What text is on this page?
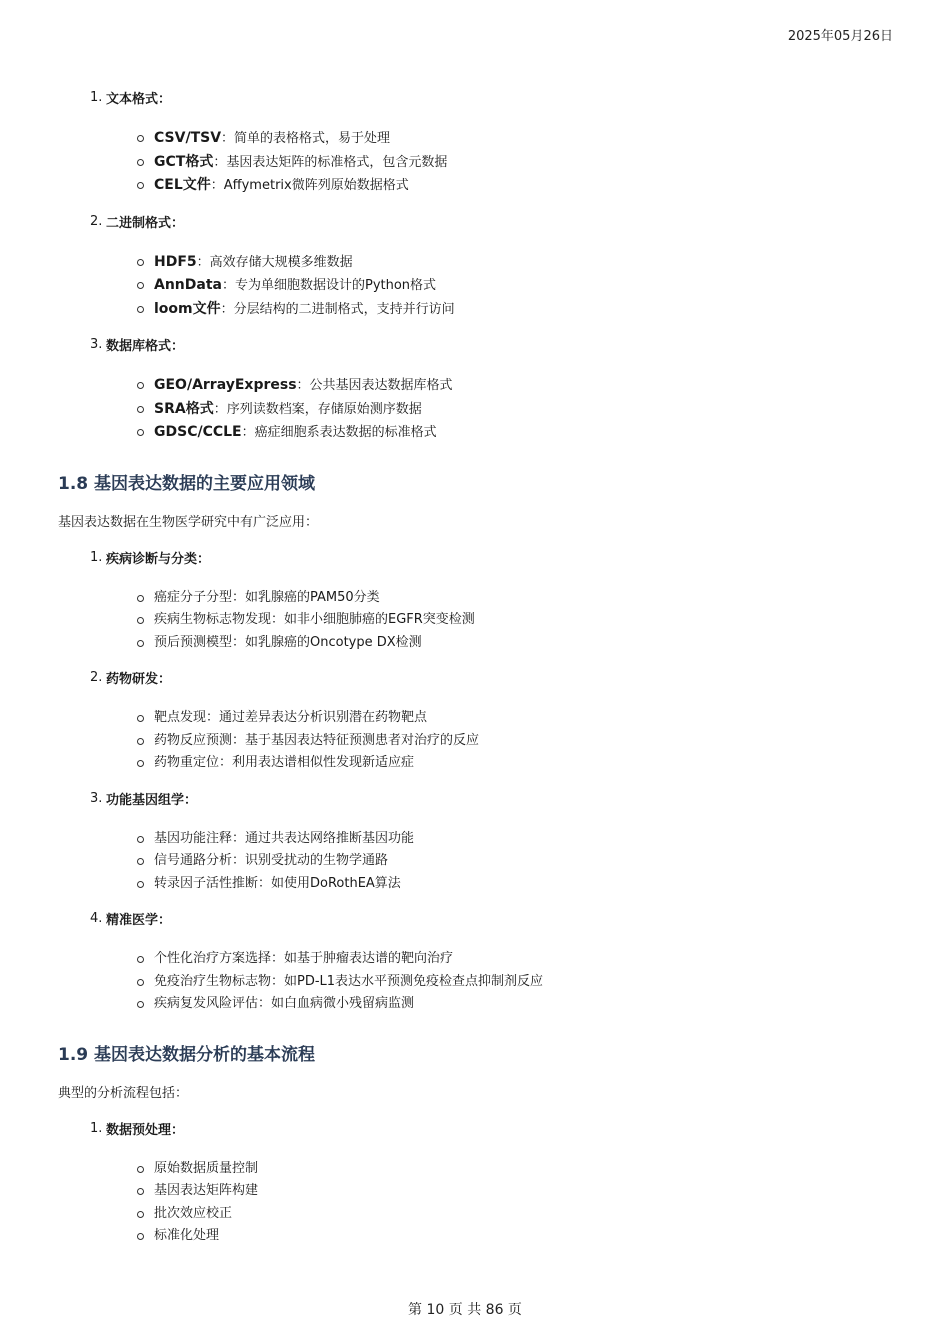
2025年05月26日
1. 文本格式：
CSV/TSV：简单的表格格式，易于处理
GCT格式：基因表达矩阵的标准格式，包含元数据
CEL文件：Affymetrix微阵列原始数据格式
2. 二进制格式：
HDF5：高效存储大规模多维数据
AnnData：专为单细胞数据设计的Python格式
loom文件：分层结构的二进制格式，支持并行访问
3. 数据库格式：
GEO/ArrayExpress：公共基因表达数据库格式
SRA格式：序列读数档案，存储原始测序数据
GDSC/CCLE：癌症细胞系表达数据的标准格式
1.8 基因表达数据的主要应用领域

基因表达数据在生物医学研究中有广泛应用：

1. 疾病诊断与分类：
癌症分子分型：如乳腺癌的PAM50分类
疾病生物标志物发现：如非小细胞肺癌的EGFR突变检测
预后预测模型：如乳腺癌的Oncotype DX检测
2. 药物研发：
靶点发现：通过差异表达分析识别潜在药物靶点
药物反应预测：基于基因表达特征预测患者对治疗的反应
药物重定位：利用表达谱相似性发现新适应症
3. 功能基因组学：
基因功能注释：通过共表达网络推断基因功能
信号通路分析：识别受扰动的生物学通路
转录因子活性推断：如使用DoRothEA算法
4. 精准医学：
个性化治疗方案选择：如基于肿瘤表达谱的靶向治疗
免疫治疗生物标志物：如PD-L1表达水平预测免疫检查点抑制剂反应
疾病复发风险评估：如白血病微小残留病监测
1.9 基因表达数据分析的基本流程

典型的分析流程包括：

1. 数据预处理：
原始数据质量控制
基因表达矩阵构建
批次效应校正
标准化处理
第 10 页 共 86 页
